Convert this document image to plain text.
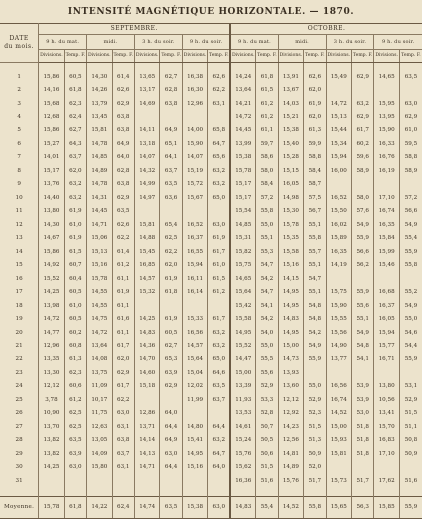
INTENSITÉ MAGNÉTIQUE HORIZONTALE. — 1870.
DATE
du mois.	SEPTEMBRE.								OCTOBRE.							
	9 h. du mat.		midi.		3 h. du soir.		9 h. du soir.		9 h. du mat.		midi.		3 h. du soir.		9 h. du soir.	
	Divisions.	Temp. F.	Divisions.	Temp. F.	Divisions.	Temp. F.	Divisions.	Temp. F.	Divisions.	Temp. F.	Divisions.	Temp. F.	Divisions.	Temp. F.	Divisions.	Temp. F.

1	15,86	60,5	14,30	61,4	13,65	62,7	16,38	62,6	14,24	61,8	13,91	62,6	15,49	62,9	14,65	63,5
2	14,16	61,8	14,26	62,6	13,17	62,8	16,30	62,2	13,64	61,5	13,67	62,0				
3	15,68	62,3	13,79	62,9	14,69	63,8	12,96	63,1	14,21	61,2	14,03	61,9	14,72	63,2	15,95	63,0
4	12,68	62,4	13,45	63,8					14,72	61,2	15,21	62,0	15,13	62,9	13,95	62,9
5	15,86	62,7	15,81	63,8	14,11	64,9	14,00	65,8	14,45	61,1	15,38	61,3	15,44	61,7	15,90	61,0
6	15,27	64,3	14,78	64,9	13,18	65,1	15,90	64,7	13,99	59,7	15,40	59,9	15,34	60,2	16,33	59,5
7	14,01	63,7	14,85	64,0	14,07	64,1	14,07	65,6	15,38	58,6	15,28	58,8	15,94	59,6	16,76	58,8
8	15,17	62,0	14,89	62,8	14,32	63,7	15,19	63,2	15,78	58,0	15,15	58,4	16,00	58,9	16,19	58,9
9	13,76	63,2	14,78	63,8	14,99	63,5	15,72	63,2	15,17	58,4	16,05	58,7				
10	14,40	63,2	14,31	62,9	14,97	63,6	15,67	65,0	15,17	57,2	14,98	57,5	16,52	58,0	17,10	57,2
11	13,80	61,9	14,45	63,5					15,54	55,8	15,30	56,7	15,50	57,6	16,74	56,6
12	14,30	61,0	14,71	62,6	15,81	65,4	16,52	63,0	14,85	55,0	15,78	55,1	16,02	54,9	16,35	54,9
13	14,67	61,9	15,06	62,2	14,88	62,5	16,37	61,9	15,31	55,1	15,35	55,8	15,89	55,9	15,84	55,4
14	15,86	61,5	15,13	61,4	15,45	62,2	16,55	61,7	15,82	55,3	15,58	55,7	16,35	56,6	15,99	55,9
15	14,92	60,7	15,16	61,2	16,85	62,0	15,94	61,0	15,75	54,7	15,16	55,1	14,19	56,2	15,46	55,8
16	15,52	60,4	15,78	61,1	14,57	61,9	16,11	61,5	14,65	54,2	14,15	54,7				
17	14,25	60,5	14,55	61,9	15,32	61,8	16,14	61,2	15,64	54,7	14,95	55,1	15,75	55,9	16,68	55,2
18	13,98	61,0	14,55	61,1					15,42	54,1	14,95	54,8	15,90	55,6	16,37	54,9
19	14,72	60,5	14,75	61,6	14,25	61,9	15,33	61,7	15,58	54,2	14,83	54,8	15,55	55,1	16,05	55,0
20	14,77	60,2	14,72	61,1	14,83	60,5	16,56	63,2	14,95	54,0	14,95	54,2	15,56	54,9	15,94	54,6
21	12,96	60,8	13,64	61,7	14,36	62,7	14,57	63,2	15,52	55,0	15,00	54,9	14,90	54,8	15,77	54,4
22	13,35	61,3	14,08	62,0	14,70	65,3	15,64	65,0	14,47	55,5	14,73	55,9	13,77	54,1	16,71	55,9
23	13,30	62,3	13,75	62,9	14,60	63,9	15,04	64,6	15,00	55,6	13,93					
24	12,12	60,6	11,09	61,7	15,18	62,9	12,02	63,5	13,39	52,9	13,60	55,0	16,56	53,9	13,80	53,1
25	3,78	61,2	10,17	62,2			11,99	63,7	11,93	53,3	12,12	52,9	16,74	53,9	10,56	52,9
26	10,90	62,5	11,75	63,0	12,86	64,0			13,53	52,8	12,92	52,3	14,52	53,0	13,41	51,5
27	13,70	62,5	12,63	63,1	13,71	64,4	14,80	64,4	14,61	50,7	14,23	51,5	15,00	51,8	15,70	51,1
28	13,82	63,5	13,05	63,8	14,14	64,9	15,41	63,2	15,24	50,5	12,56	51,3	15,93	51,8	16,83	50,8
29	13,82	63,9	14,09	63,7	14,13	63,0	14,95	64,7	15,76	50,6	14,81	50,9	15,81	51,8	17,10	50,9
30	14,25	63,0	15,80	63,1	14,71	64,4	15,16	64,0	15,62	51,5	14,89	52,0				
31									16,36	51,6	15,76	51,7	15,73	51,7	17,62	51,6

Moyenne.	15,78	61,8	14,22	62,4	14,74	63,5	15,38	63,0	14,83	55,4	14,52	55,8	15,65	56,3	15,85	55,9
